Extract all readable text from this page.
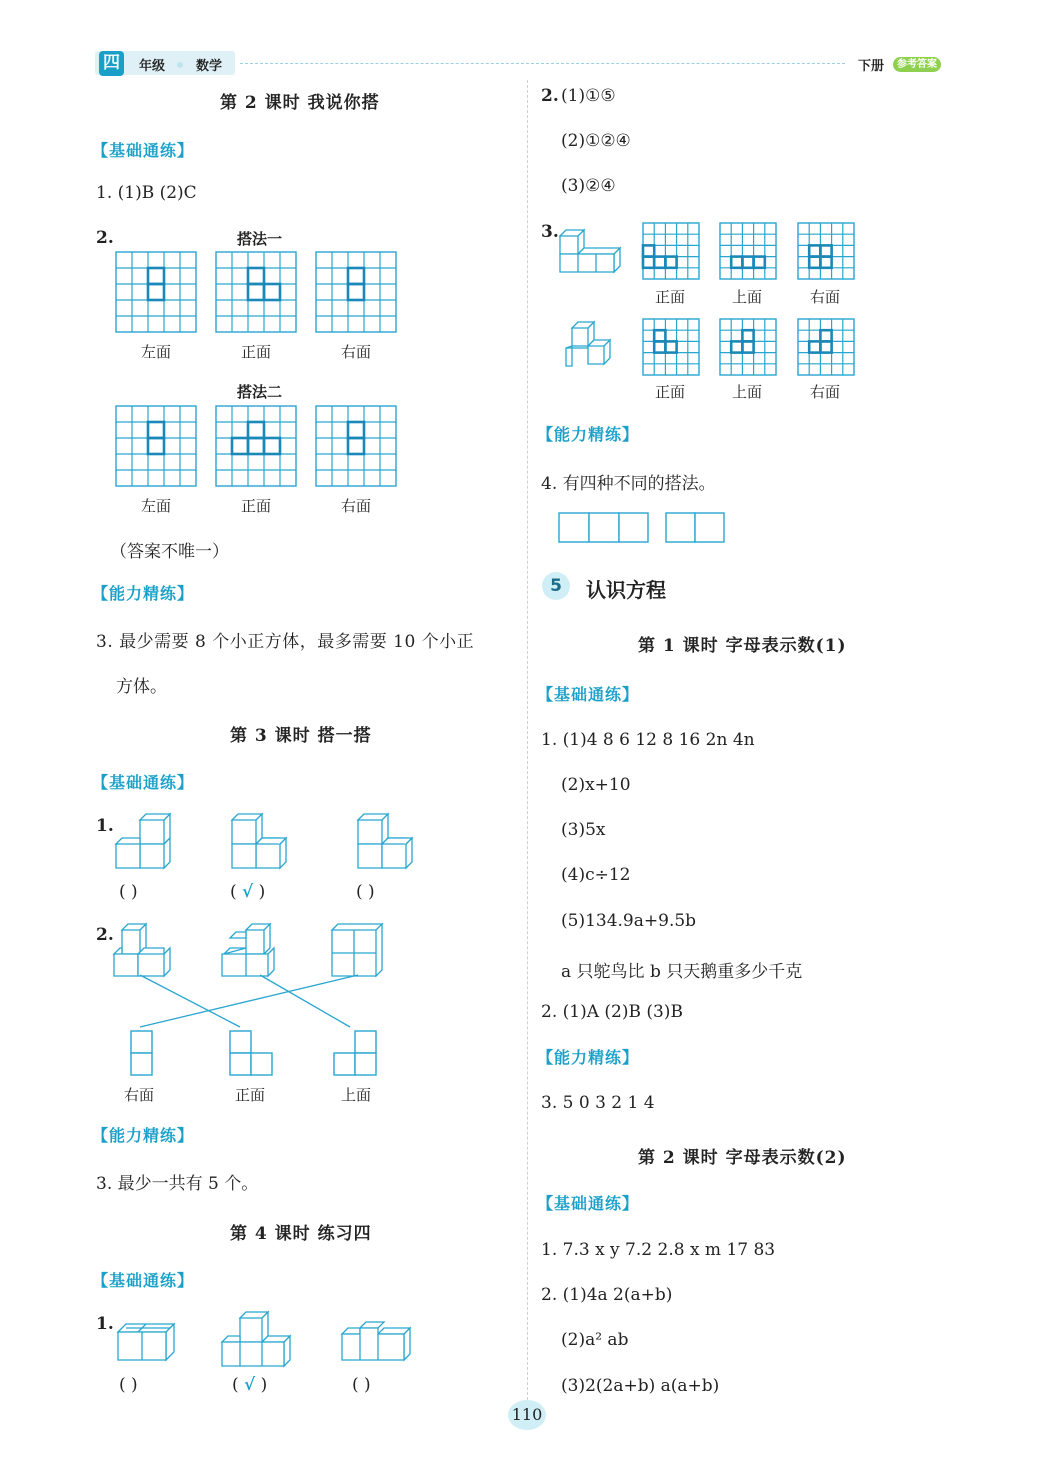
四	年级 数学	下册	参考答案
第 2 课时 我说你搭
【基础通练】
1. (1)B (2)C
2.	搭法一
左面	正面	右面
搭法二
左面	正面	右面
（答案不唯一）
【能力精练】
3. 最少需要 8 个小正方体，最多需要 10 个小正
方体。
第 3 课时 搭一搭
【基础通练】
1.
( )	( √ )	( )
2.
右面	正面	上面
【能力精练】
3. 最少一共有 5 个。
第 4 课时 练习四
【基础通练】
1.
( )	( √ )	( )
2. (1)①⑤
(2)①②④
(3)②④
3.
正面	上面	右面
正面	上面	右面
【能力精练】
4. 有四种不同的搭法。
5	认识方程
第 1 课时 字母表示数(1)
【基础通练】
1. (1)4 8 6 12 8 16 2n 4n
(2)x+10
(3)5x
(4)c÷12
(5)134.9a+9.5b
a 只鸵鸟比 b 只天鹅重多少千克
2. (1)A (2)B (3)B
【能力精练】
3. 5 0 3 2 1 4
第 2 课时 字母表示数(2)
【基础通练】
1. 7.3 x y 7.2 2.8 x m 17 83
2. (1)4a 2(a+b)
(2)a² ab
(3)2(2a+b) a(a+b)
110
